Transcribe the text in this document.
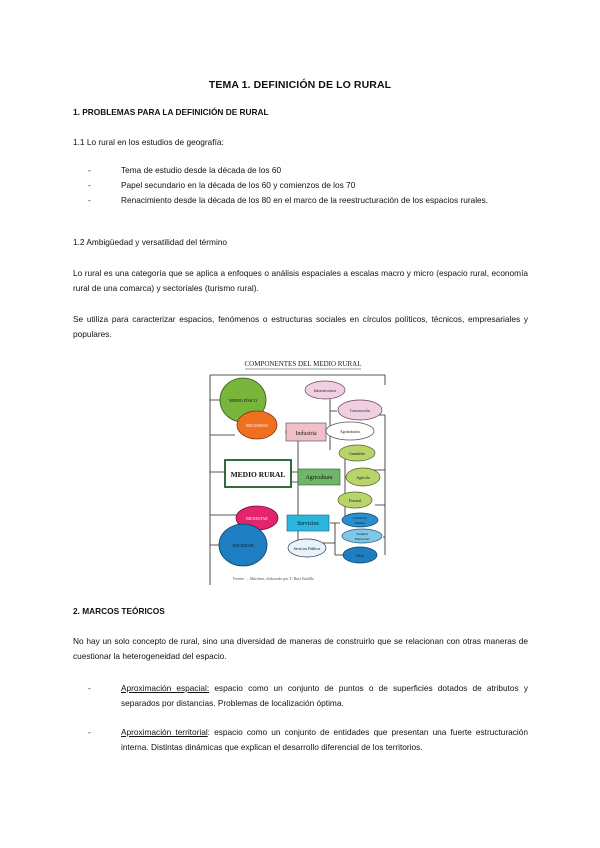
TEMA 1. DEFINICIÓN DE LO RURAL
1. PROBLEMAS PARA LA DEFINICIÓN DE RURAL

1.1 Lo rural en los estudios de geografía:

-	Tema de estudio desde la década de los 60
-	Papel secundario en la década de los 60 y comienzos de los 70
-	Renacimiento desde la década de los 80 en el marco de la reestructuración de los espacios rurales.

1.2 Ambigüedad y versatilidad del término

Lo rural es una categoría que se aplica a enfoques o análisis espaciales a escalas macro y micro (espacio rural, economía rural de una comarca) y sectoriales (turismo rural).

Se utiliza para caracterizar espacios, fenómenos o estructuras sociales en círculos políticos, técnicos, empresariales y populares.

COMPONENTES DEL MEDIO RURAL
MEDIO FÍSICO
RECURSOS
Industria
Infraestructura
Construcción
Agroindustria
MEDIO RURAL	Agricultura
Ganadería
Agrícola
Forestal
BIENESTAR
SOCIEDAD
Servicios
Comercio
Turismo
Sanidad
Educación
Servicios Públicos
Ocio
Fuente: ... Martínez, elaborado por T. Ruiz Badillo
2. MARCOS TEÓRICOS

No hay un solo concepto de rural, sino una diversidad de maneras de construirlo que se relacionan con otras maneras de cuestionar la heterogeneidad del espacio.

-	Aproximación espacial: espacio como un conjunto de puntos o de superficies dotados de atributos y separados por distancias. Problemas de localización óptima.
-	Aproximación territorial: espacio como un conjunto de entidades que presentan una fuerte estructuración interna. Distintas dinámicas que explican el desarrollo diferencial de los territorios.
